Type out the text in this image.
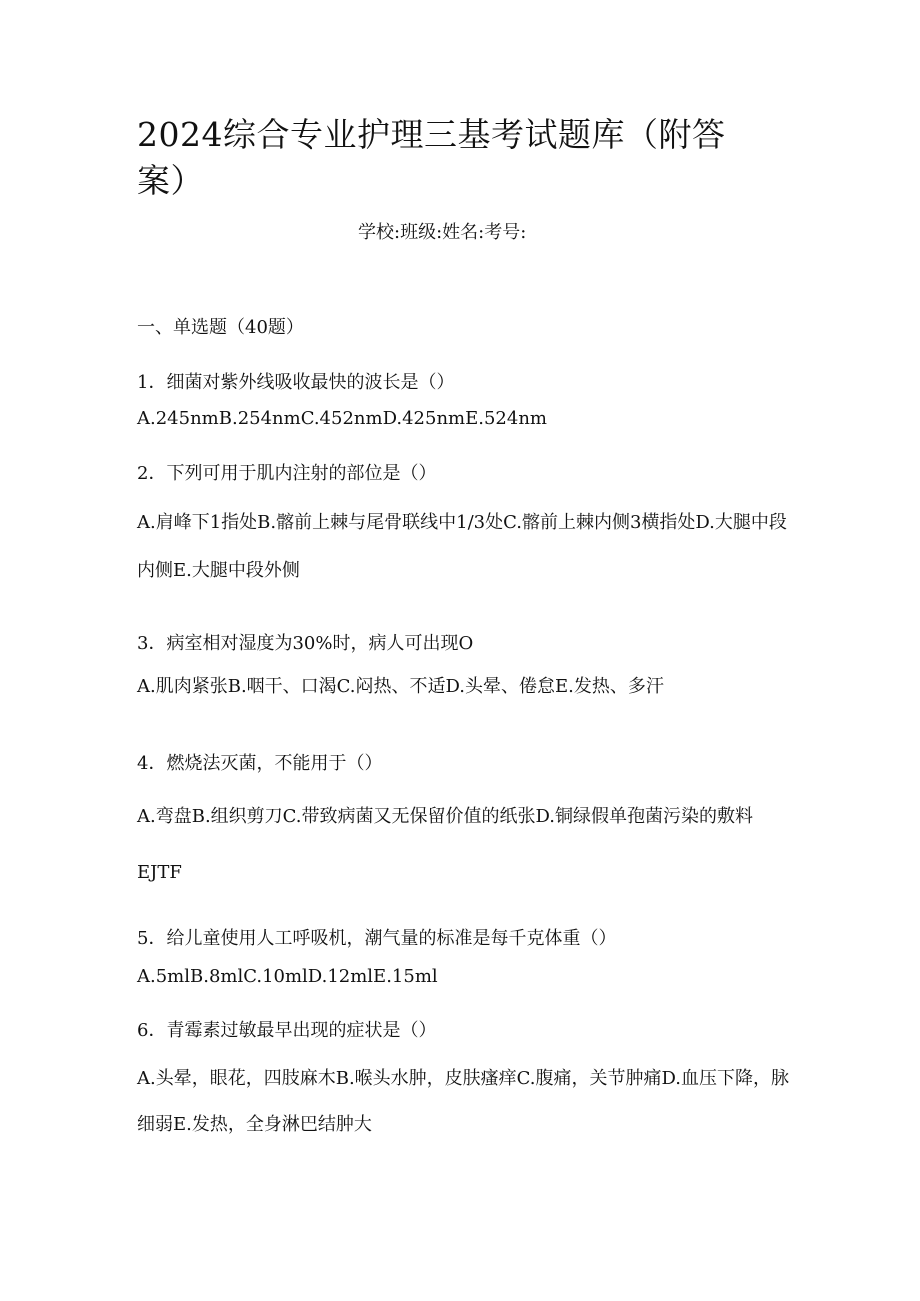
2024综合专业护理三基考试题库（附答案）

学校:班级:姓名:考号:

一、单选题（40题）

1．细菌对紫外线吸收最快的波长是（）

A.245nmB.254nmC.452nmD.425nmE.524nm

2．下列可用于肌内注射的部位是（）

A.肩峰下1指处B.髂前上棘与尾骨联线中1/3处C.髂前上棘内侧3横指处D.大腿中段内侧E.大腿中段外侧

3．病室相对湿度为30%时，病人可出现O

A.肌肉紧张B.咽干、口渴C.闷热、不适D.头晕、倦怠E.发热、多汗

4．燃烧法灭菌，不能用于（）

A.弯盘B.组织剪刀C.带致病菌又无保留价值的纸张D.铜绿假单孢菌污染的敷料EJTF

5．给儿童使用人工呼吸机，潮气量的标准是每千克体重（）

A.5mlB.8mlC.10mlD.12mlE.15ml

6．青霉素过敏最早出现的症状是（）

A.头晕，眼花，四肢麻木B.喉头水肿，皮肤瘙痒C.腹痛，关节肿痛D.血压下降，脉细弱E.发热，全身淋巴结肿大
